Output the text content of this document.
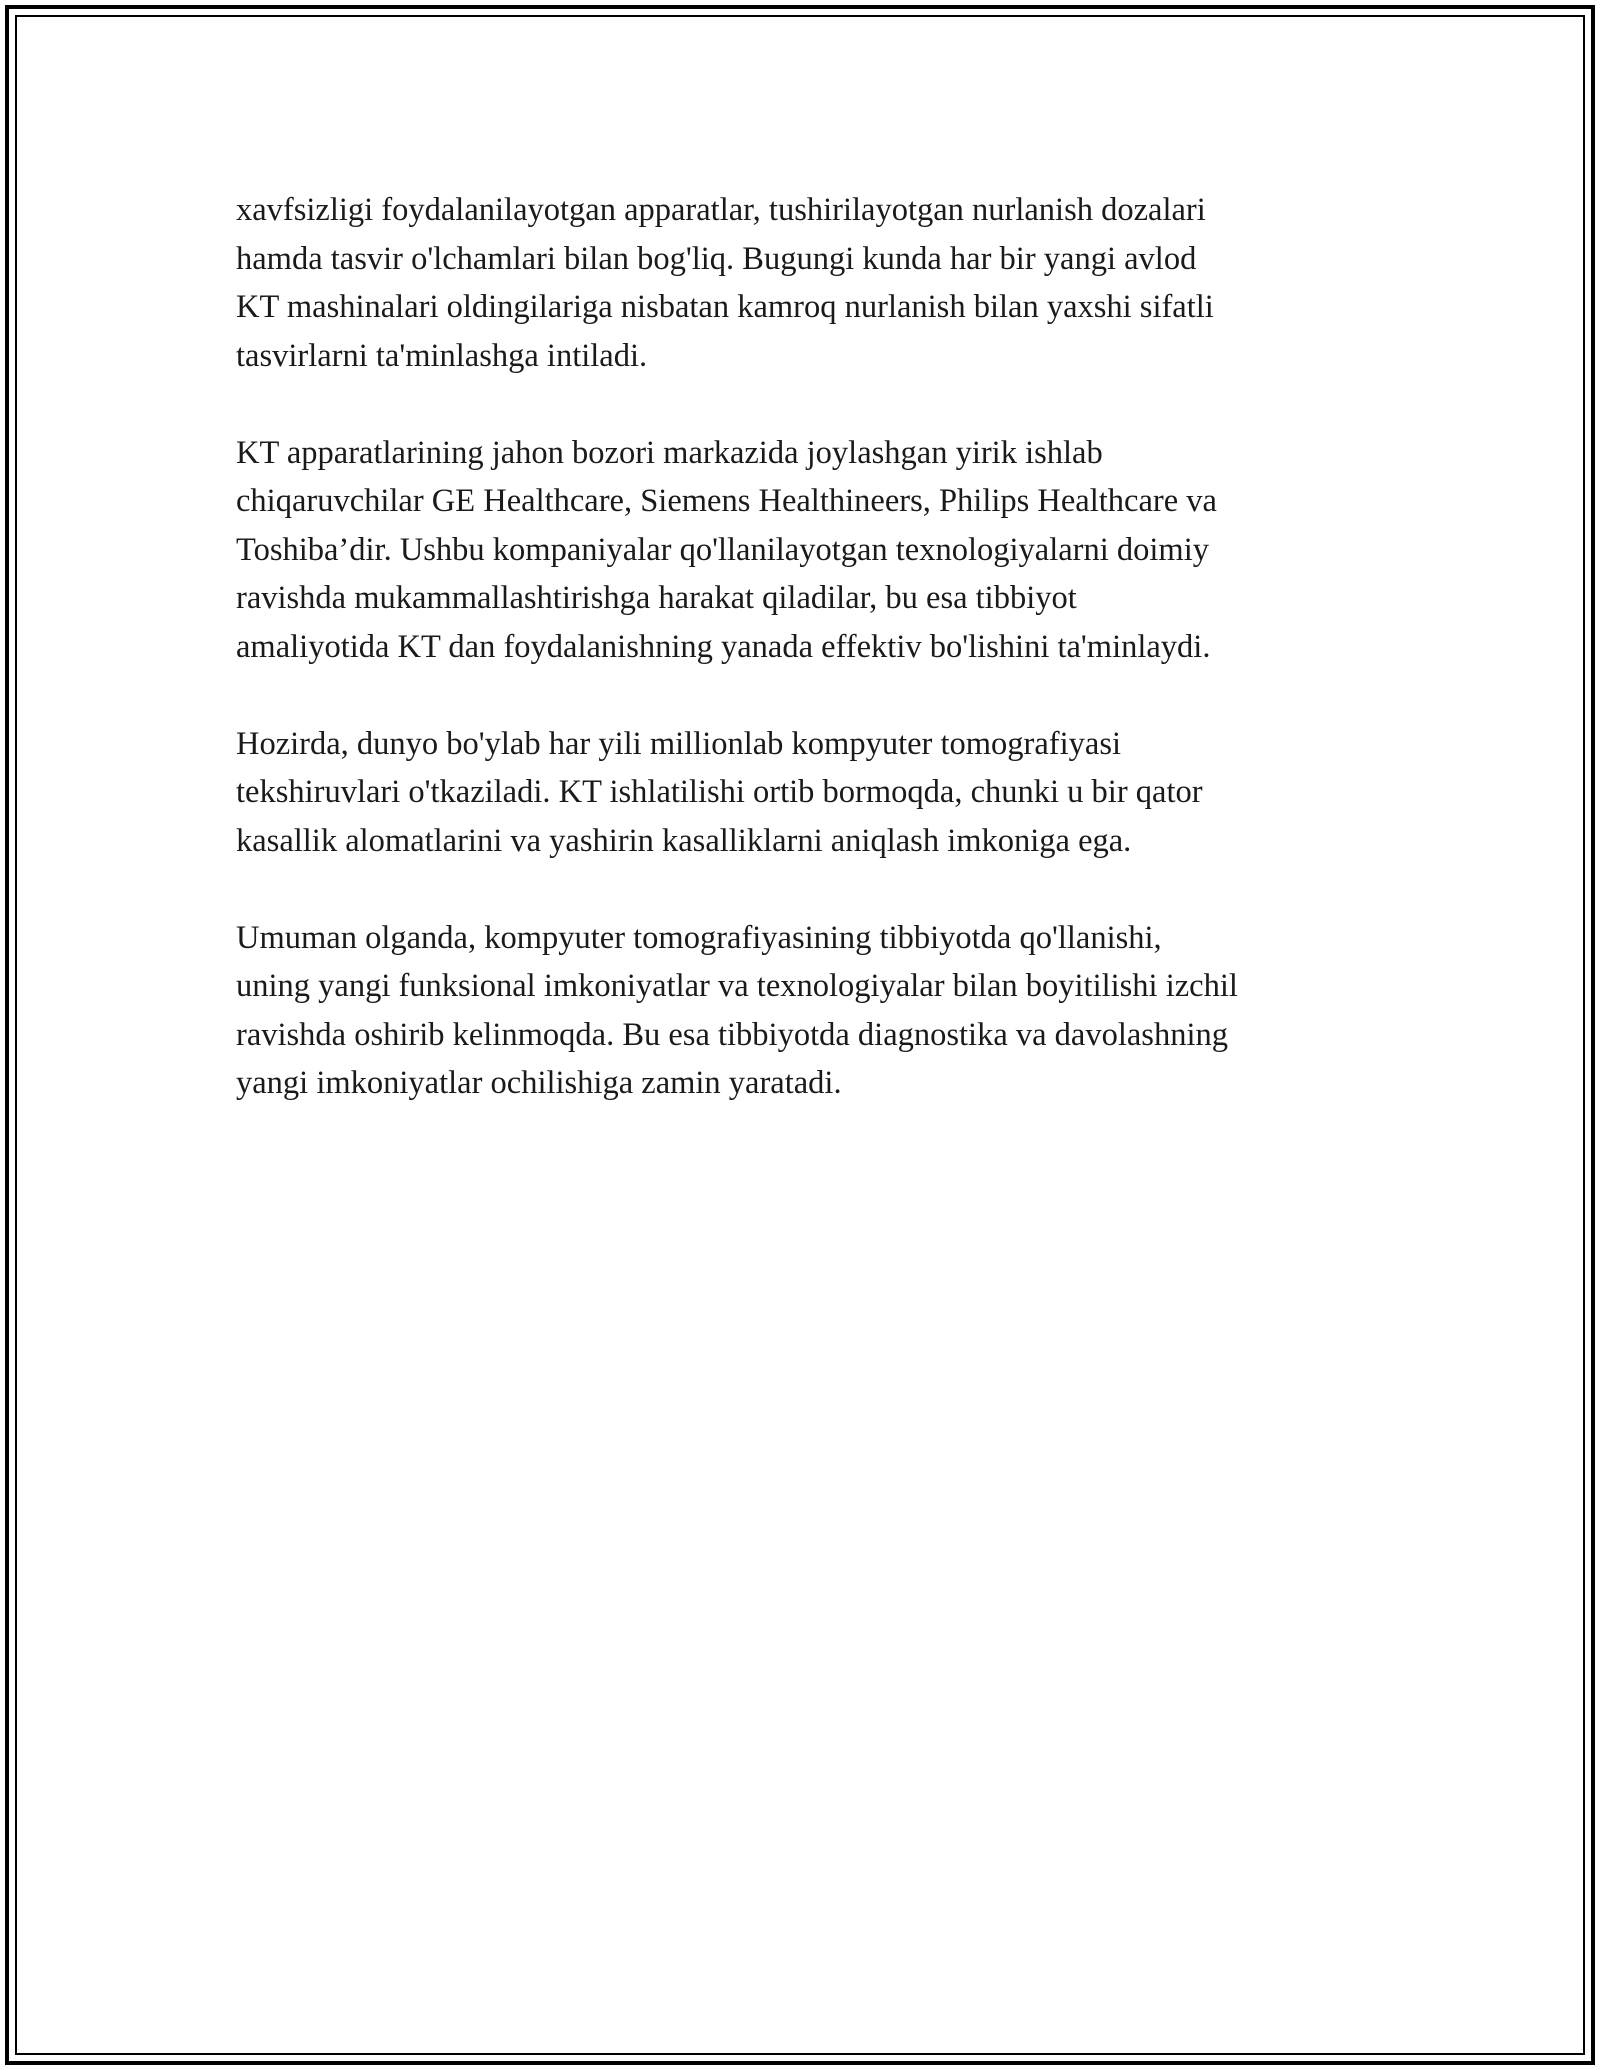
xavfsizligi foydalanilayotgan apparatlar, tushirilayotgan nurlanish dozalari
hamda tasvir o'lchamlari bilan bog'liq. Bugungi kunda har bir yangi avlod
KT mashinalari oldingilariga nisbatan kamroq nurlanish bilan yaxshi sifatli
tasvirlarni ta'minlashga intiladi.

KT apparatlarining jahon bozori markazida joylashgan yirik ishlab
chiqaruvchilar GE Healthcare, Siemens Healthineers, Philips Healthcare va
Toshiba’dir. Ushbu kompaniyalar qo'llanilayotgan texnologiyalarni doimiy
ravishda mukammallashtirishga harakat qiladilar, bu esa tibbiyot
amaliyotida KT dan foydalanishning yanada effektiv bo'lishini ta'minlaydi.

Hozirda, dunyo bo'ylab har yili millionlab kompyuter tomografiyasi
tekshiruvlari o'tkaziladi. KT ishlatilishi ortib bormoqda, chunki u bir qator
kasallik alomatlarini va yashirin kasalliklarni aniqlash imkoniga ega.

Umuman olganda, kompyuter tomografiyasining tibbiyotda qo'llanishi,
uning yangi funksional imkoniyatlar va texnologiyalar bilan boyitilishi izchil
ravishda oshirib kelinmoqda. Bu esa tibbiyotda diagnostika va davolashning
yangi imkoniyatlar ochilishiga zamin yaratadi.
